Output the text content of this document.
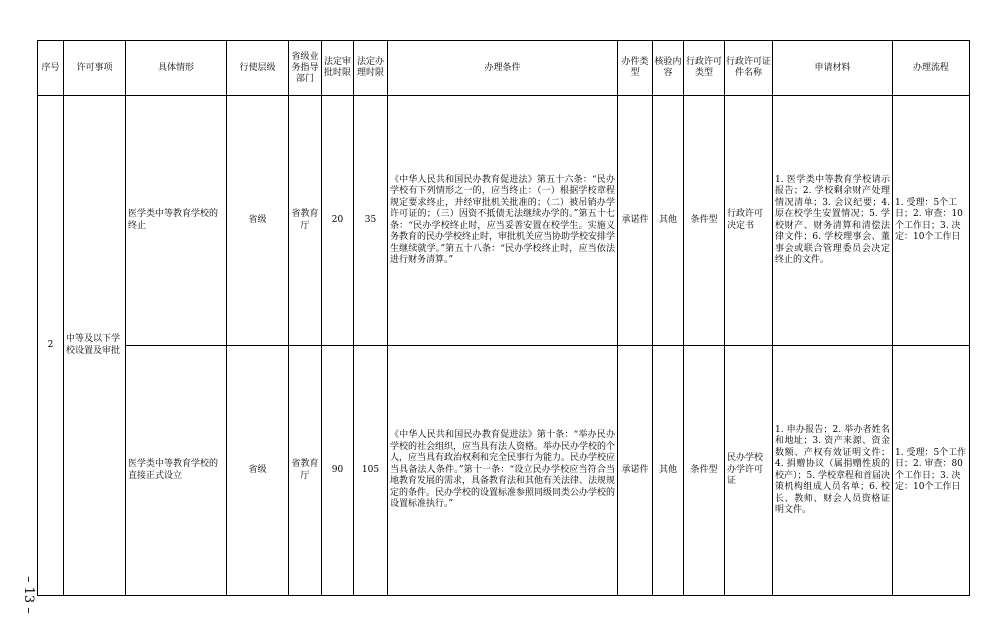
序号	许可事项	具体情形	行使层级	省级业务指导部门	法定审批时限	法定办理时限	办理条件	办件类型	核验内容	行政许可类型	行政许可证件名称	申请材料	办理流程
2	中等及以下学校设置及审批	医学类中等教育学校的终止	省级	省教育厅	20	35	《中华人民共和国民办教育促进法》第五十六条：“民办学校有下列情形之一的，应当终止：（一）根据学校章程规定要求终止，并经审批机关批准的；（二）被吊销办学许可证的；（三）因资不抵债无法继续办学的。”第五十七条：“民办学校终止时，应当妥善安置在校学生。实施义务教育的民办学校终止时，审批机关应当协助学校安排学生继续就学。”第五十八条：“民办学校终止时，应当依法进行财务清算。”	承诺件	其他	条件型	行政许可决定书	1. 医学类中等教育学校请示报告；2. 学校剩余财产处理情况清单；3. 会议纪要；4. 原在校学生安置情况；5. 学校财产、财务清算和清偿法律文件；6. 学校理事会、董事会或联合管理委员会决定终止的文件。	1. 受理：5个工日；2. 审查：10个工作日；3. 决定：10个工作日
		医学类中等教育学校的直接正式设立	省级	省教育厅	90	105	《中华人民共和国民办教育促进法》第十条：“举办民办学校的社会组织，应当具有法人资格。举办民办学校的个人，应当具有政治权利和完全民事行为能力。民办学校应当具备法人条件。”第十一条：“设立民办学校应当符合当地教育发展的需求，具备教育法和其他有关法律、法规规定的条件。民办学校的设置标准参照同级同类公办学校的设置标准执行。”	承诺件	其他	条件型	民办学校办学许可证	1. 申办报告；2. 举办者姓名和地址；3. 资产来源、资金数额、产权有效证明文件；4. 捐赠协议（属捐赠性质的校产）；5. 学校章程和首届决策机构组成人员名单；6. 校长、教师、财会人员资格证明文件。	1. 受理：5个工作日；2. 审查：80个工作日；3. 决定：10个工作日
– 13 –
